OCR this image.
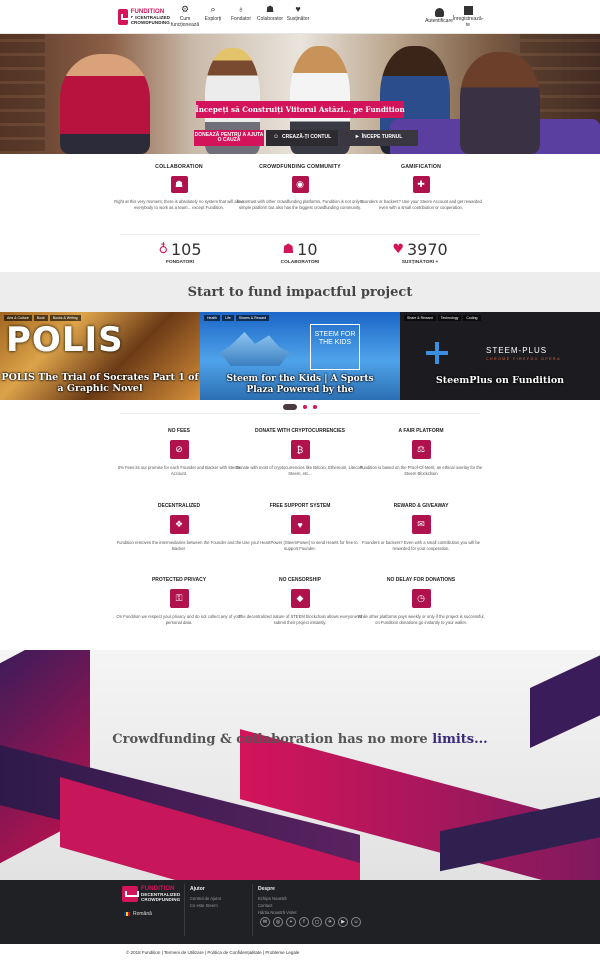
FUNDITION
DECENTRALIZED
CROWDFUNDING
⚙
Cum funcționează
⌕
Explorți
♁
Fondator
☗
Colaborator
♥
Susținător	Autentificare Înregistrează-te
Începeți să Construiți Viitorul Astăzi... pe Fundition
DONEAZĂ PENTRU A AJUTA O CAUZĂ	☺ CREAZĂ-ȚI CONTUL	▸ ÎNCEPE TURNUL
COLLABORATION
☗

Right at this very moment, there is absolutely no system that will allow everybody to work as a team... except Fundition.

CROWDFUNDING COMMUNITY
◉

In contrast with other crowdfunding platforms, Fundition is not only a simple platform but also has the biggest crowdfunding community.

GAMIFICATION
✚

Founders or backers? Use your Steem Account and get rewarded even with a small contribution or cooperation.

♁ 105
FONDATORI
☗ 10
COLABORATORI
♥ 3970
SUSȚINĂTORI +
Start to fund impactful project
Arts & Culture	Book	Books & Writing
POLIS
POLIS The Trial of Socrates Part 1 of a Graphic Novel
Health	Life	Shares & Reward
STEEM FOR THE KIDS
Steem for the Kids | A Sports Plaza Powered by the
Share & Reward	Technology	Coding
STEEM-PLUS
CHROME FIREFOX OPERA
SteemPlus on Fundition
NO FEES
⊘

0% Fees its our promise for each Founder and Backer with Steem Account.

DONATE WITH CRYPTOCURRENCIES
₿

Donate with most of cryptocurrencies like Bitcoin, Ethereum, Litecoin, Steem, etc...

A FAIR PLATFORM
⚖

Fundition is based on the Proof-Of-Merit, an ethical overlay for the Steem Blockchain

DECENTRALIZED
❖

Fundition removes the intermediaries between the Founder and the Backer.

FREE SUPPORT SYSTEM
♥

Use your HeartPower (SteemPower) to send Hearts for free to support Founder.

REWARD & GIVEAWAY
✉

Founders or backers? Even with a small contribution you will be rewarded for your cooperation.

PROTECTED PRIVACY
⚿

On Fundition we respect your privacy and do not collect any of your personal data.

NO CENSORSHIP
◆

The decentralized nature of STEEM blockchain allows everyone to submit their project instantly.

NO DELAY FOR DONATIONS
◷

While other platforms pays weekly or only if the project is successful, on Fundition donations go instantly to your wallet.

Crowdfunding & collaboration has no more limits...
FUNDITION
DECENTRALIZED
CROWDFUNDING
Română
Ajutor
Centrul de Ajutor
Ce este Steem
Despre
Echipa Noastră
Contact
Hârtia Noastră Violet
✉	◎	+	f	◻	✈	▶	☺
© 2018 Fundition | Termeni de Utilizare | Politica de Confidențialitate | Probleme Legale
